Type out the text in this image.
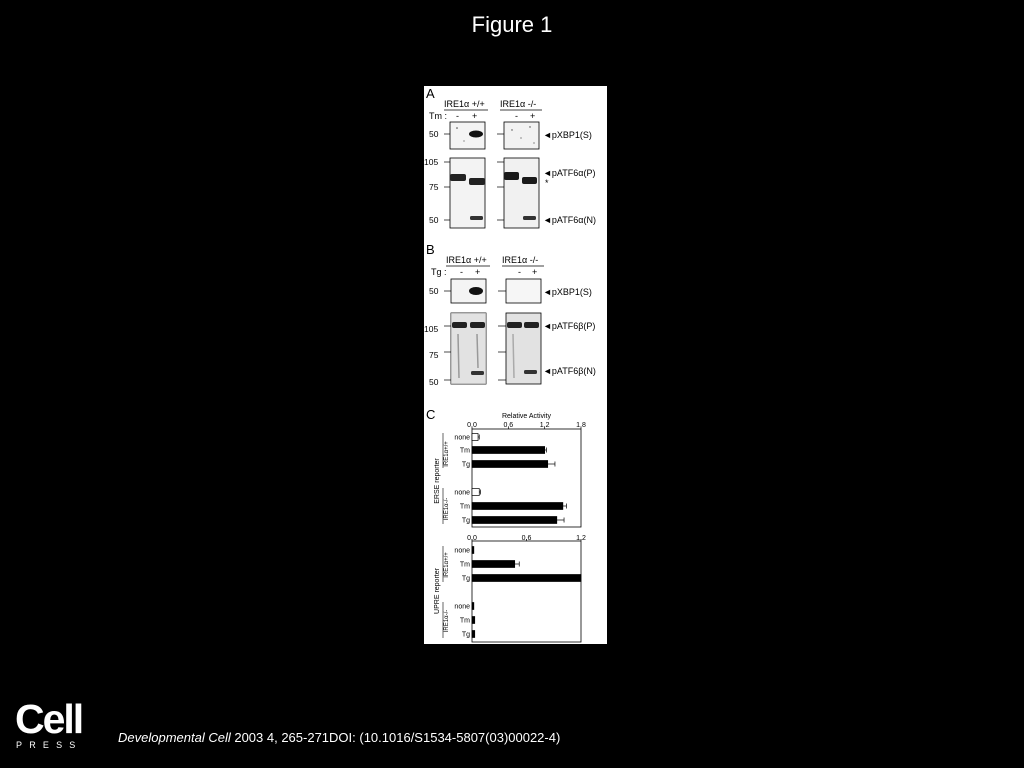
Figure 1
A
IRE1α +/+ IRE1α -/-
Tm : - +	- +
50	◄pXBP1(S)
105
75
50
◄pATF6α(P)
*
◄pATF6α(N)
B
IRE1α +/+ IRE1α -/-
Tg : - +	- +
50	◄pXBP1(S)
105
75
50
◄pATF6β(P)
◄pATF6β(N)
C	Relative Activity
0.0	0.6	1.2	1.8
ERSE reporter
IRE1α+/+
none
Tm
Tg
IRE1α-/-
none
Tm
Tg
0.0	0.6	1.2
UPRE reporter
IRE1α+/+
none
Tm
Tg
IRE1α-/-
none
Tm
Tg
Cell
PRESS	Developmental Cell 2003 4, 265-271DOI: (10.1016/S1534-5807(03)00022-4)
